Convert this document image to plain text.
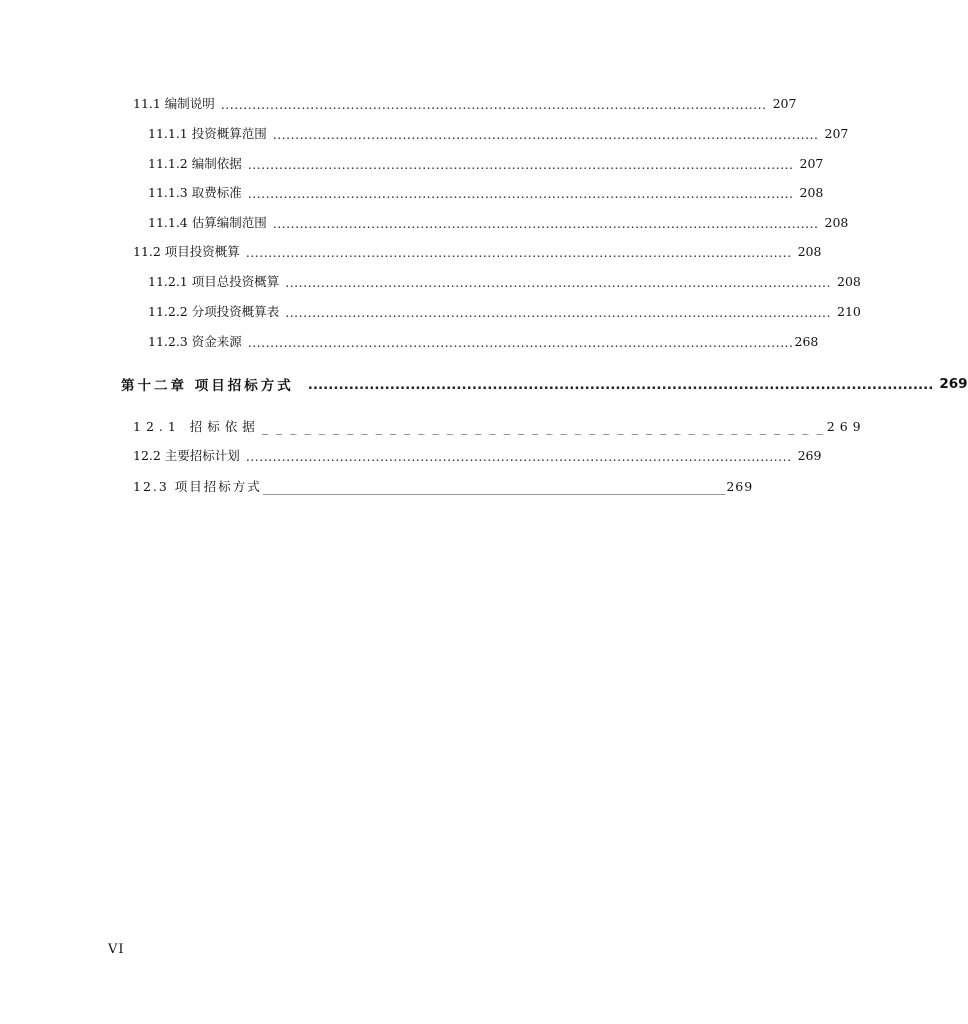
11.1 编制说明 .......................................................................................................................... 207
11.1.1 投资概算范围 .......................................................................................................................... 207
11.1.2 编制依据 .......................................................................................................................... 207
11.1.3 取费标准 .......................................................................................................................... 208
11.1.4 估算编制范围 .......................................................................................................................... 208
11.2 项目投资概算 .......................................................................................................................... 208
11.2.1 项目总投资概算 .......................................................................................................................... 208
11.2.2 分项投资概算表 .......................................................................................................................... 210
11.2.3 资金来源 .......................................................................................................................... 268
第十二章 项目招标方式 .......................................................................................................................... 269
12.1 招标依据 _ _ _ _ _ _ _ _ _ _ _ _ _ _ _ _ _ _ _ _ _ _ _ _ _ _ _ _ _ _ _ _ _ _ _ _ _ _ _ _ 269
12.2 主要招标计划 .......................................................................................................................... 269
12.3 项目招标方式 __________________________________________________________________________ 269
VI
